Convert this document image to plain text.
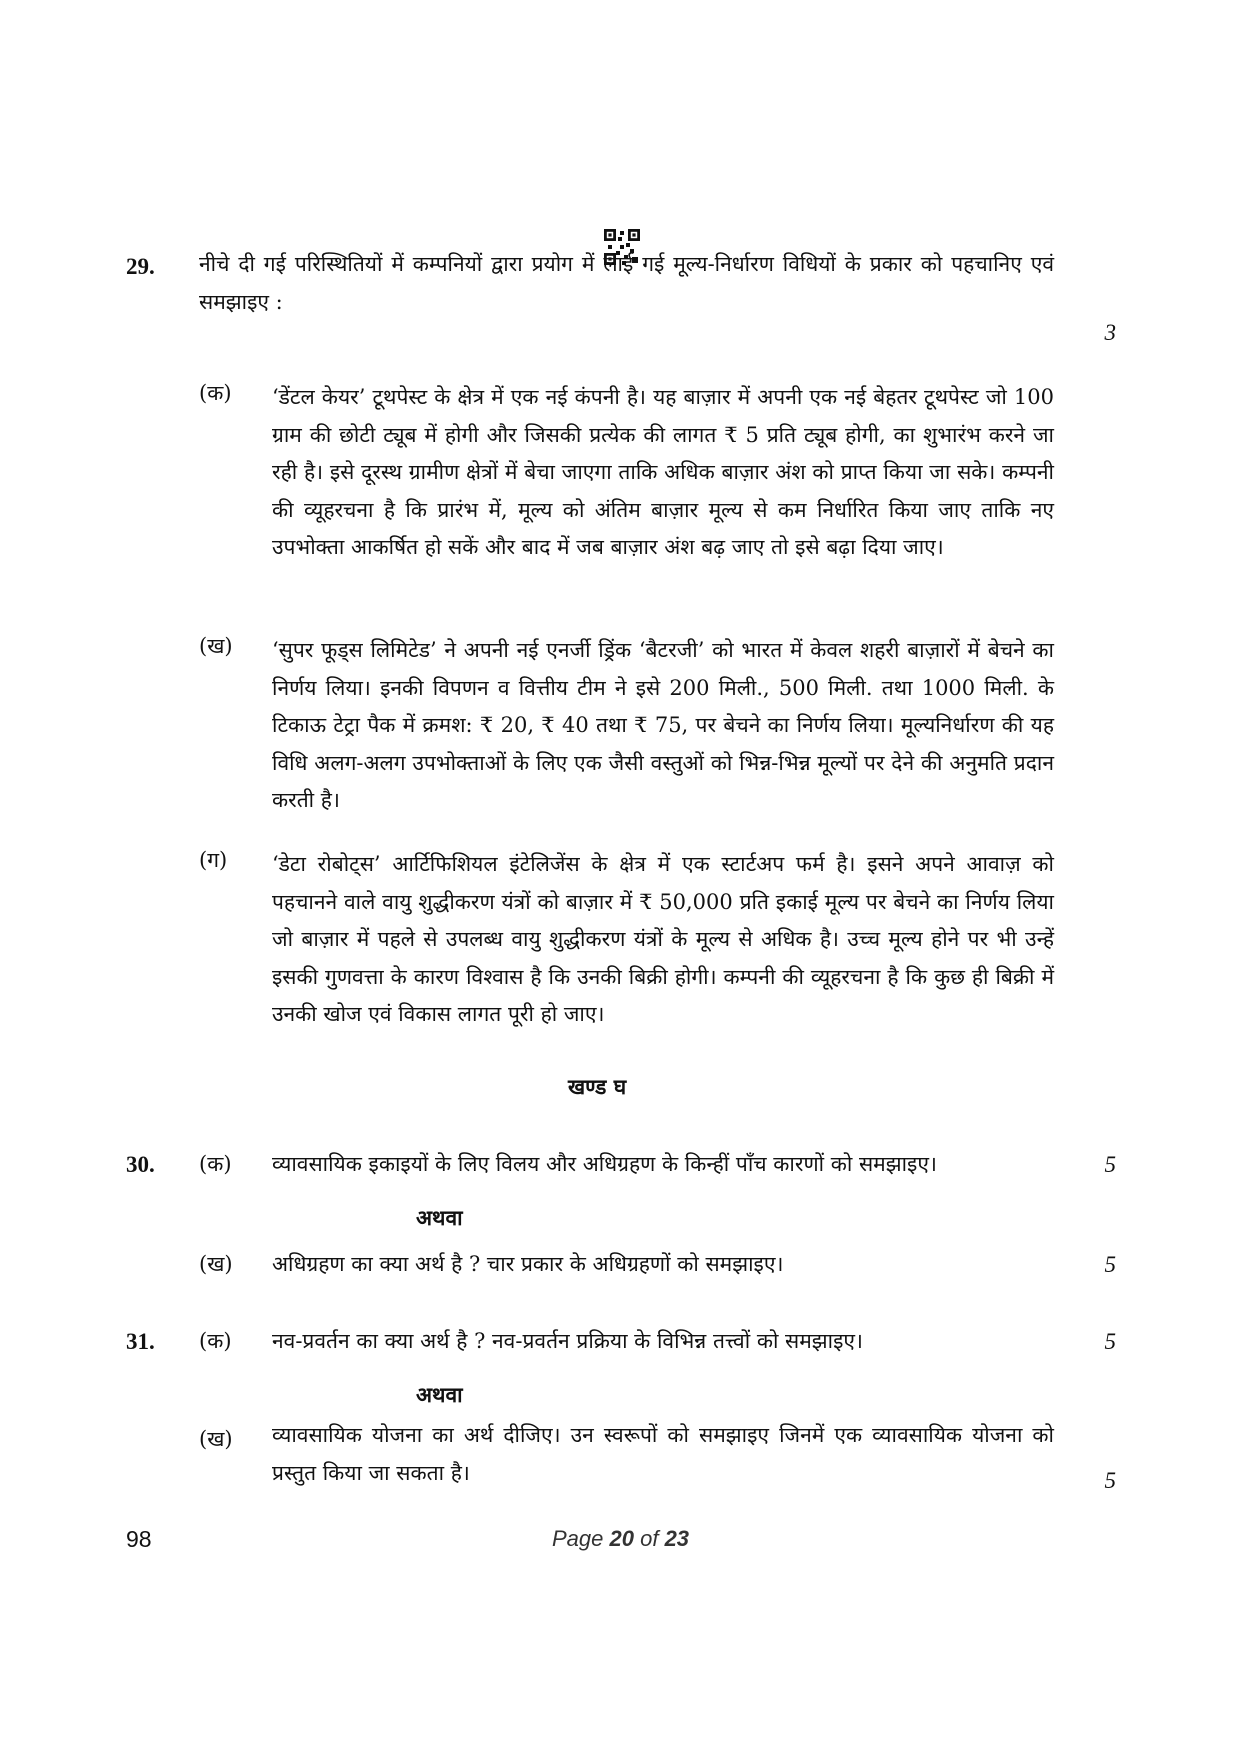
29. नीचे दी गई परिस्थितियों में कम्पनियों द्वारा प्रयोग में लाई गई मूल्य-निर्धारण विधियों के प्रकार को पहचानिए एवं समझाइए :
3
(क) ‘डेंटल केयर’ टूथपेस्ट के क्षेत्र में एक नई कंपनी है। यह बाज़ार में अपनी एक नई बेहतर टूथपेस्ट जो 100 ग्राम की छोटी ट्यूब में होगी और जिसकी प्रत्येक की लागत ₹ 5 प्रति ट्यूब होगी, का शुभारंभ करने जा रही है। इसे दूरस्थ ग्रामीण क्षेत्रों में बेचा जाएगा ताकि अधिक बाज़ार अंश को प्राप्त किया जा सके। कम्पनी की व्यूहरचना है कि प्रारंभ में, मूल्य को अंतिम बाज़ार मूल्य से कम निर्धारित किया जाए ताकि नए उपभोक्ता आकर्षित हो सकें और बाद में जब बाज़ार अंश बढ़ जाए तो इसे बढ़ा दिया जाए।
(ख) ‘सुपर फूड्स लिमिटेड’ ने अपनी नई एनर्जी ड्रिंक ‘बैटरजी’ को भारत में केवल शहरी बाज़ारों में बेचने का निर्णय लिया। इनकी विपणन व वित्तीय टीम ने इसे 200 मिली., 500 मिली. तथा 1000 मिली. के टिकाऊ टेट्रा पैक में क्रमश: ₹ 20, ₹ 40 तथा ₹ 75, पर बेचने का निर्णय लिया। मूल्यनिर्धारण की यह विधि अलग-अलग उपभोक्ताओं के लिए एक जैसी वस्तुओं को भिन्न-भिन्न मूल्यों पर देने की अनुमति प्रदान करती है।
(ग) ‘डेटा रोबोट्स’ आर्टिफिशियल इंटेलिजेंस के क्षेत्र में एक स्टार्टअप फर्म है। इसने अपने आवाज़ को पहचानने वाले वायु शुद्धीकरण यंत्रों को बाज़ार में ₹ 50,000 प्रति इकाई मूल्य पर बेचने का निर्णय लिया जो बाज़ार में पहले से उपलब्ध वायु शुद्धीकरण यंत्रों के मूल्य से अधिक है। उच्च मूल्य होने पर भी उन्हें इसकी गुणवत्ता के कारण विश्वास है कि उनकी बिक्री होगी। कम्पनी की व्यूहरचना है कि कुछ ही बिक्री में उनकी खोज एवं विकास लागत पूरी हो जाए।
खण्ड घ
30. (क) व्यावसायिक इकाइयों के लिए विलय और अधिग्रहण के किन्हीं पाँच कारणों को समझाइए।	5
अथवा
(ख) अधिग्रहण का क्या अर्थ है ? चार प्रकार के अधिग्रहणों को समझाइए।	5
31. (क) नव-प्रवर्तन का क्या अर्थ है ? नव-प्रवर्तन प्रक्रिया के विभिन्न तत्त्वों को समझाइए।	5
अथवा
(ख) व्यावसायिक योजना का अर्थ दीजिए। उन स्वरूपों को समझाइए जिनमें एक व्यावसायिक योजना को प्रस्तुत किया जा सकता है।	5
98	Page 20 of 23
